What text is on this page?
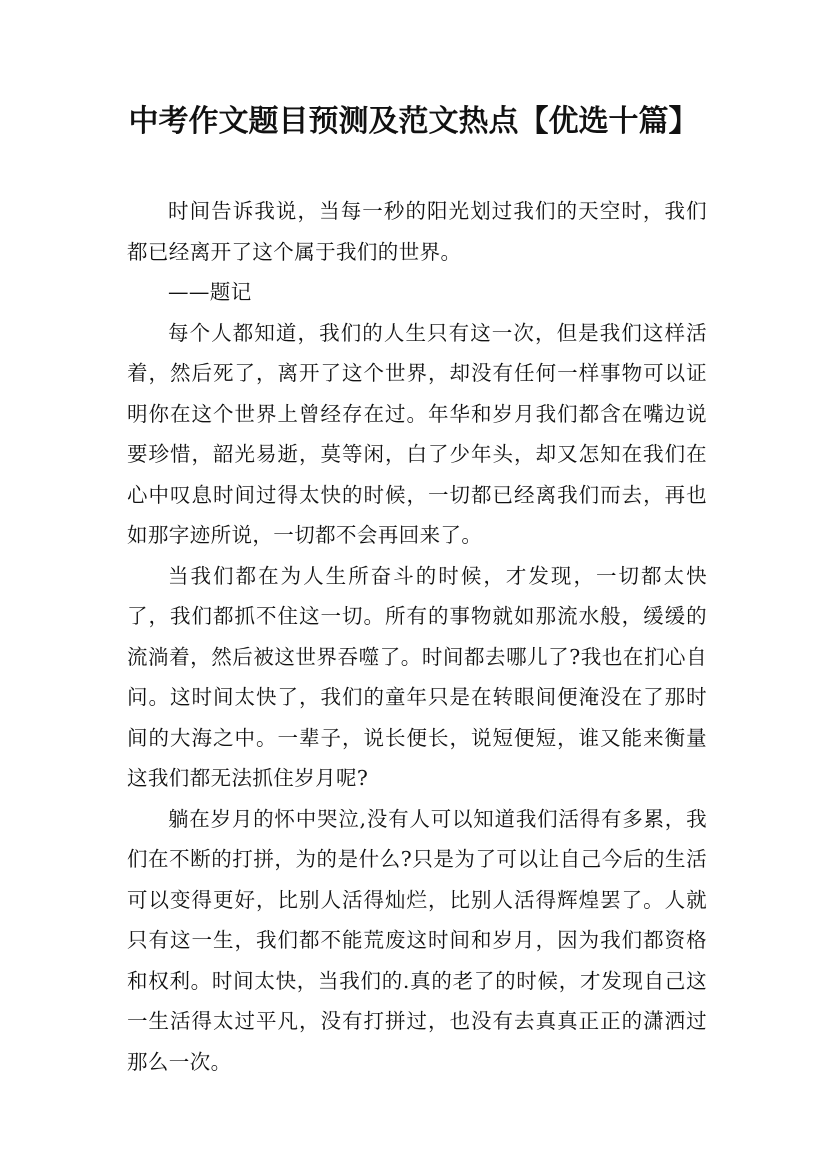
中考作文题目预测及范文热点【优选十篇】

时间告诉我说，当每一秒的阳光划过我们的天空时，我们都已经离开了这个属于我们的世界。

——题记

每个人都知道，我们的人生只有这一次，但是我们这样活着，然后死了，离开了这个世界，却没有任何一样事物可以证明你在这个世界上曾经存在过。年华和岁月我们都含在嘴边说要珍惜，韶光易逝，莫等闲，白了少年头，却又怎知在我们在心中叹息时间过得太快的时候，一切都已经离我们而去，再也如那字迹所说，一切都不会再回来了。

当我们都在为人生所奋斗的时候，才发现，一切都太快了，我们都抓不住这一切。所有的事物就如那流水般，缓缓的流淌着，然后被这世界吞噬了。时间都去哪儿了?我也在扪心自问。这时间太快了，我们的童年只是在转眼间便淹没在了那时间的大海之中。一辈子，说长便长，说短便短，谁又能来衡量这我们都无法抓住岁月呢?

躺在岁月的怀中哭泣,没有人可以知道我们活得有多累，我们在不断的打拼，为的是什么?只是为了可以让自己今后的生活可以变得更好，比别人活得灿烂，比别人活得辉煌罢了。人就只有这一生，我们都不能荒废这时间和岁月，因为我们都资格和权利。时间太快，当我们的.真的老了的时候，才发现自己这一生活得太过平凡，没有打拼过，也没有去真真正正的潇洒过那么一次。
